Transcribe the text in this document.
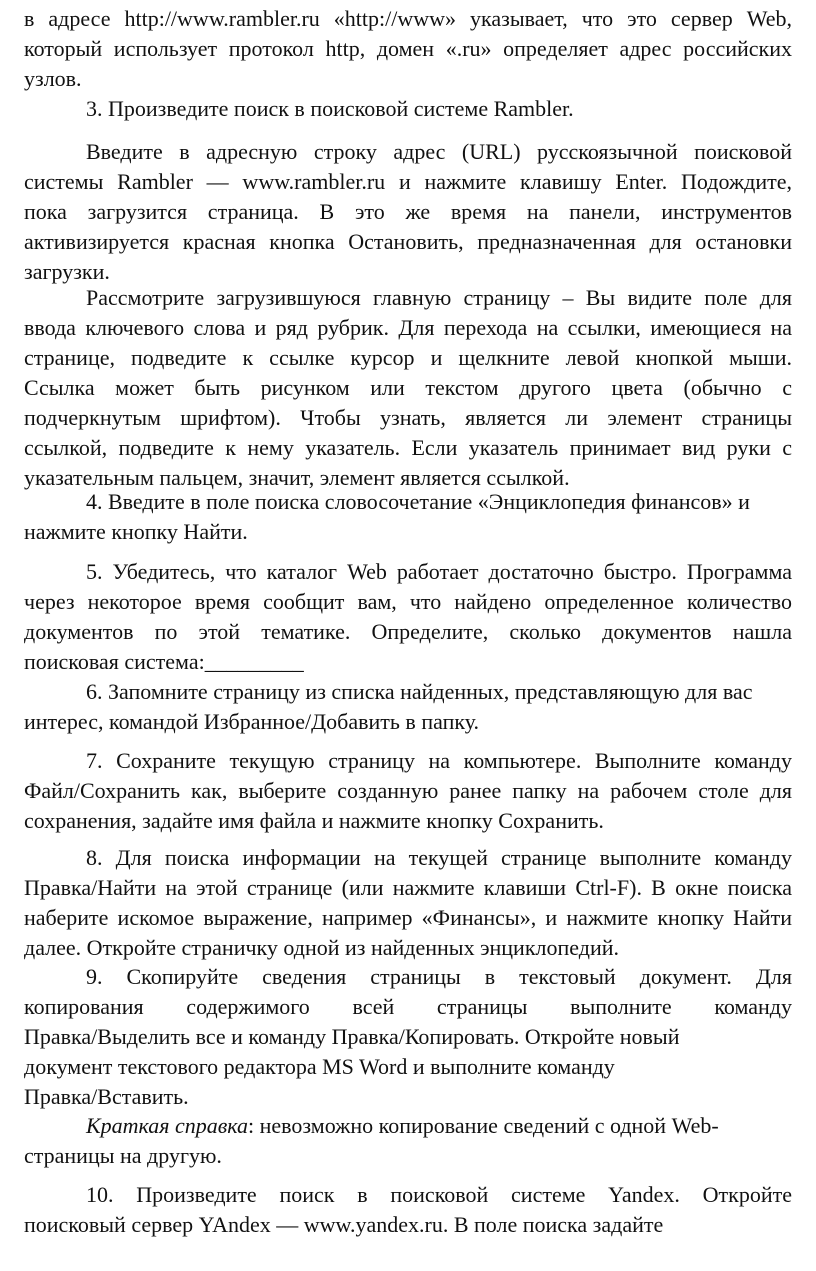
в адресе http://www.rambler.ru «http://www» указывает, что это сервер Web,
который использует протокол http, домен «.ru» определяет адрес российских
узлов.
3. Произведите поиск в поисковой системе Rambler.
Введите в адресную строку адрес (URL) русскоязычной поисковой
системы Rambler — www.rambler.ru и нажмите клавишу Enter. Подождите,
пока загрузится страница. В это же время на панели, инструментов
активизируется красная кнопка Остановить, предназначенная для остановки
загрузки.
Рассмотрите загрузившуюся главную страницу – Вы видите поле для
ввода ключевого слова и ряд рубрик. Для перехода на ссылки, имеющиеся на
странице, подведите к ссылке курсор и щелкните левой кнопкой мыши.
Ссылка может быть рисунком или текстом другого цвета (обычно с
подчеркнутым шрифтом). Чтобы узнать, является ли элемент страницы
ссылкой, подведите к нему указатель. Если указатель принимает вид руки с
указательным пальцем, значит, элемент является ссылкой.
4. Введите в поле поиска словосочетание «Энциклопедия финансов» и
нажмите кнопку Найти.
5. Убедитесь, что каталог Web работает достаточно быстро. Программа
через некоторое время сообщит вам, что найдено определенное количество
документов по этой тематике. Определите, сколько документов нашла
поисковая система:_________
6. Запомните страницу из списка найденных, представляющую для вас
интерес, командой Избранное/Добавить в папку.
7. Сохраните текущую страницу на компьютере. Выполните команду
Файл/Сохранить как, выберите созданную ранее папку на рабочем столе для
сохранения, задайте имя файла и нажмите кнопку Сохранить.
8. Для поиска информации на текущей странице выполните команду
Правка/Найти на этой странице (или нажмите клавиши Ctrl-F). В окне поиска
наберите искомое выражение, например «Финансы», и нажмите кнопку Найти
далее. Откройте страничку одной из найденных энциклопедий.
9. Скопируйте сведения страницы в текстовый документ. Для
копирования содержимого всей страницы выполните команду
Правка/Выделить все и команду Правка/Копировать. Откройте новый
документ текстового редактора MS Word и выполните команду
Правка/Вставить.
Краткая справка: невозможно копирование сведений с одной Web-
страницы на другую.
10. Произведите поиск в поисковой системе Yandex. Откройте
поисковый сервер YAndex — www.yandex.ru. В поле поиска задайте
